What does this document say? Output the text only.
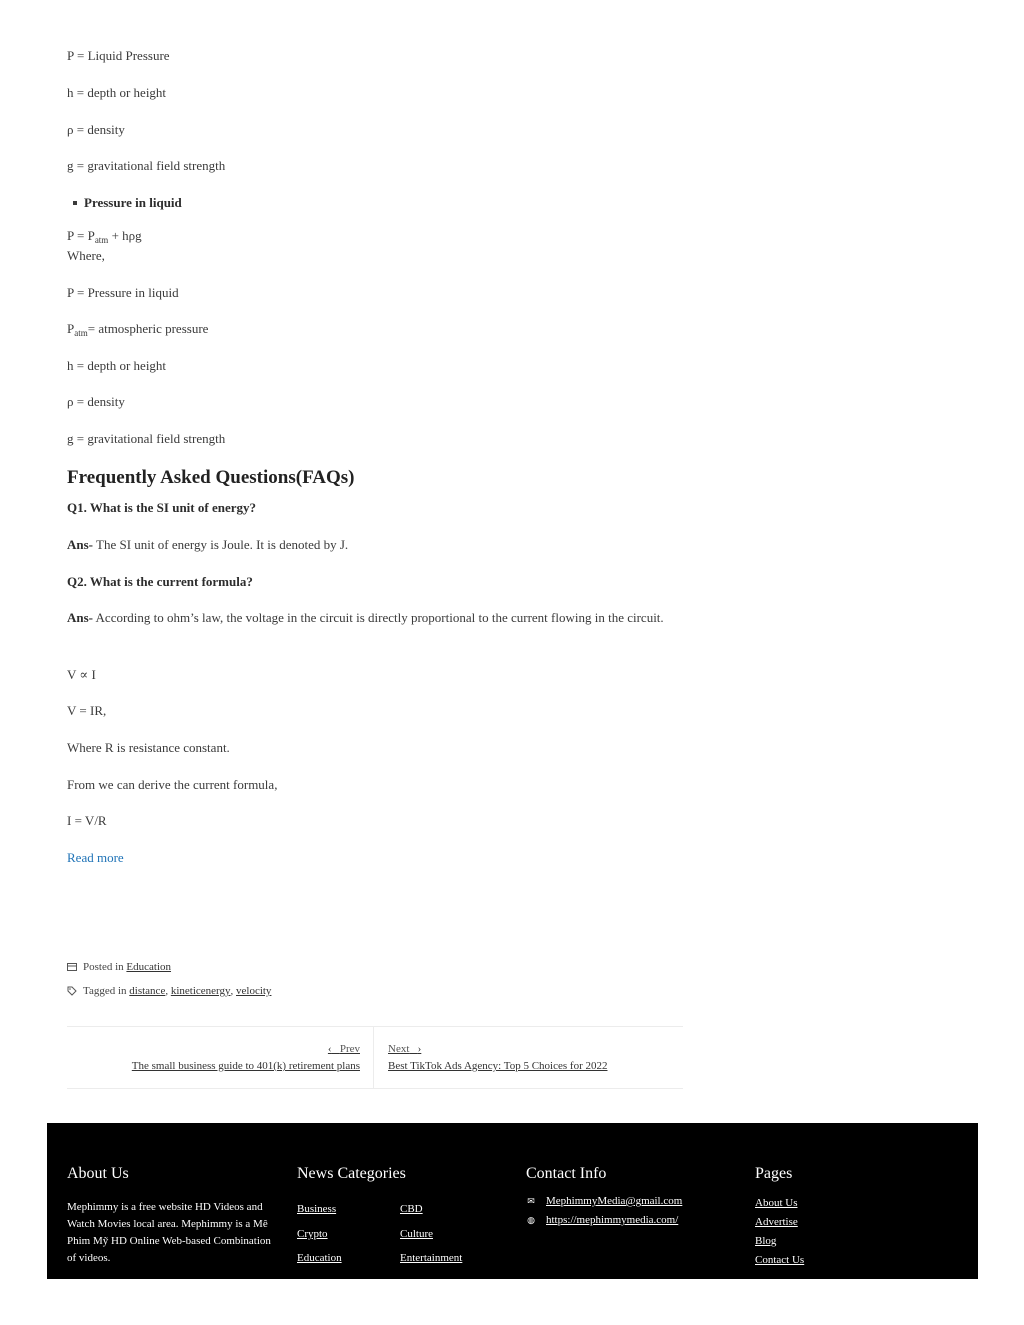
P = Liquid Pressure
h = depth or height
ρ = density
g = gravitational field strength
Pressure in liquid
$P = P_{atm} + h\rho g$
Where,
P = Pressure in liquid
$P_{atm}=$ atmospheric pressure
h = depth or height
ρ = density
g = gravitational field strength
Frequently Asked Questions(FAQs)
Q1. What is the SI unit of energy?
Ans- The SI unit of energy is Joule. It is denoted by J.
Q2. What is the current formula?
Ans- According to ohm’s law, the voltage in the circuit is directly proportional to the current flowing in the circuit.
V ∝ I
V = IR,
Where R is resistance constant.
From we can derive the current formula,
I = V/R
Read more
Posted in
Education
Tagged in
distance , kineticenergy , velocity
‹ Prev
The small business guide to 401(k) retirement plans
Next ›
Best TikTok Ads Agency: Top 5 Choices for 2022
About Us
Mephimmy is a free website HD Videos and Watch Movies local area. Mephimmy is a Mê Phim Mỹ HD Online Web-based Combination of videos.
News Categories
Business	CBD
Crypto	Culture
Education	Entertainment
Contact Info
✉ MephimmyMedia@gmail.com
◍ https://mephimmymedia.com/
Pages
About Us
Advertise
Blog
Contact Us
